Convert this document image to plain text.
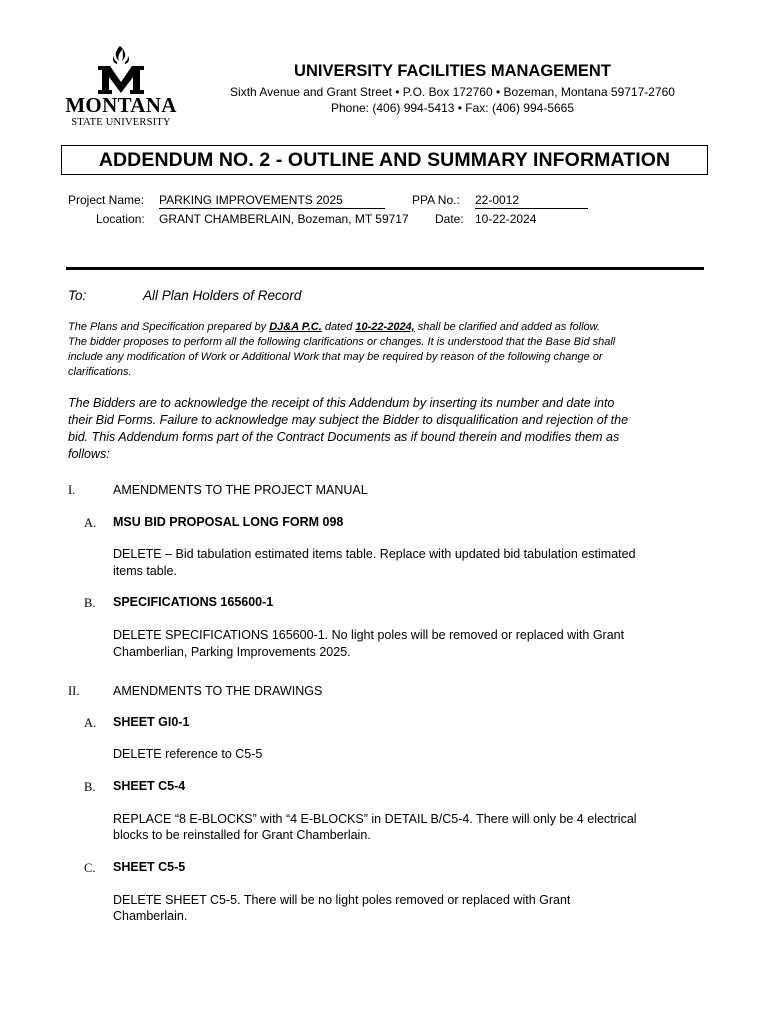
MONTANA
STATE UNIVERSITY
UNIVERSITY FACILITIES MANAGEMENT
Sixth Avenue and Grant Street • P.O. Box 172760 • Bozeman, Montana 59717-2760
Phone: (406) 994-5413 • Fax: (406) 994-5665
ADDENDUM NO. 2 - OUTLINE AND SUMMARY INFORMATION
Project Name: PARKING IMPROVEMENTS 2025	PPA No.: 22-0012
Location: GRANT CHAMBERLAIN, Bozeman, MT 59717 Date: 10-22-2024
To:	All Plan Holders of Record
The Plans and Specification prepared by DJ&A P.C. dated 10-22-2024, shall be clarified and added as follow.
The bidder proposes to perform all the following clarifications or changes. It is understood that the Base Bid shall
include any modification of Work or Additional Work that may be required by reason of the following change or
clarifications.
The Bidders are to acknowledge the receipt of this Addendum by inserting its number and date into
their Bid Forms. Failure to acknowledge may subject the Bidder to disqualification and rejection of the
bid. This Addendum forms part of the Contract Documents as if bound therein and modifies them as
follows:
I.	AMENDMENTS TO THE PROJECT MANUAL
A. MSU BID PROPOSAL LONG FORM 098
DELETE – Bid tabulation estimated items table. Replace with updated bid tabulation estimated
items table.
B. SPECIFICATIONS 165600-1
DELETE SPECIFICATIONS 165600-1. No light poles will be removed or replaced with Grant
Chamberlian, Parking Improvements 2025.
II.	AMENDMENTS TO THE DRAWINGS
A. SHEET GI0-1
DELETE reference to C5-5
B. SHEET C5-4
REPLACE “8 E-BLOCKS” with “4 E-BLOCKS” in DETAIL B/C5-4. There will only be 4 electrical
blocks to be reinstalled for Grant Chamberlain.
C. SHEET C5-5
DELETE SHEET C5-5. There will be no light poles removed or replaced with Grant
Chamberlain.
